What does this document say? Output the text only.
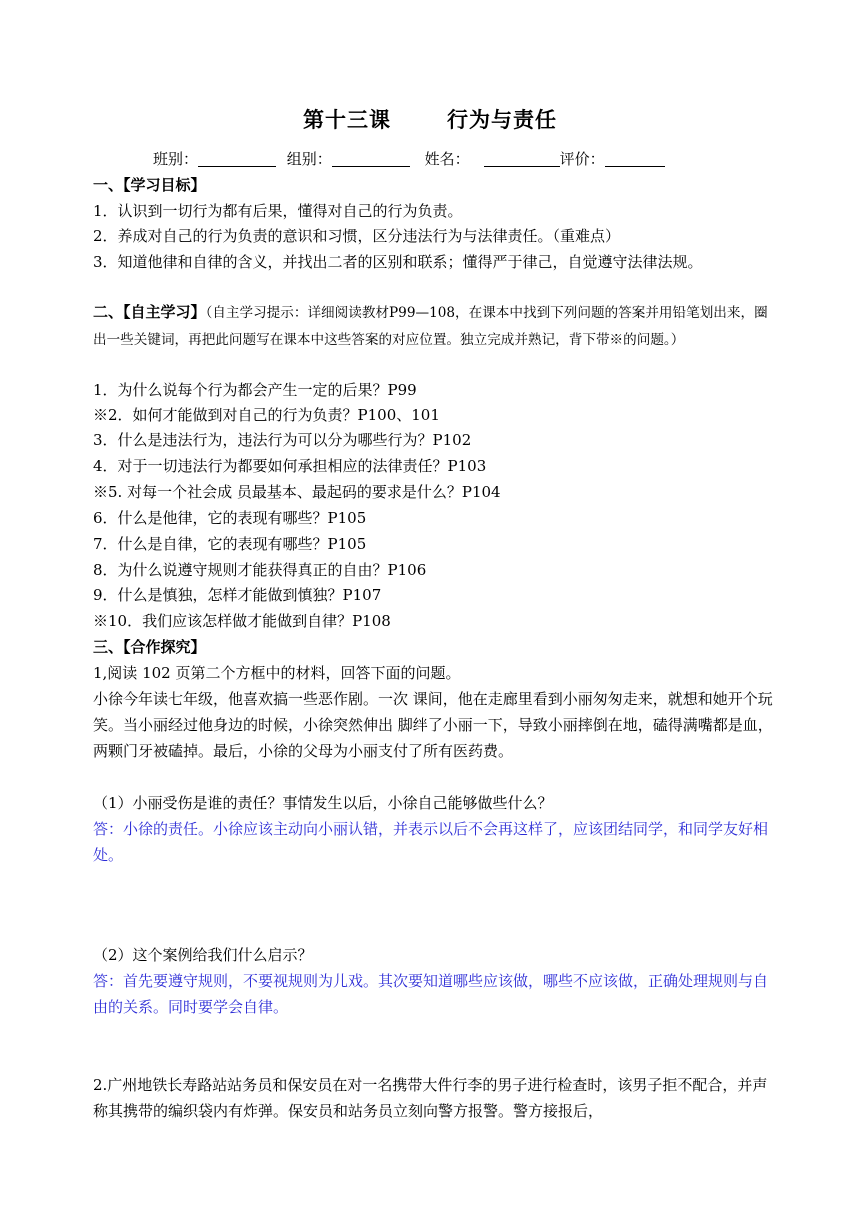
第十三课	行为与责任
班别：	组别：	姓名：	评价：
一、【学习目标】
1．认识到一切行为都有后果，懂得对自己的行为负责。
2．养成对自己的行为负责的意识和习惯，区分违法行为与法律责任。（重难点）
3．知道他律和自律的含义，并找出二者的区别和联系；懂得严于律己，自觉遵守法律法规。
二、【自主学习】（自主学习提示：详细阅读教材P99—108，在课本中找到下列问题的答案并用铅笔划出来，圈出一些关键词，再把此问题写在课本中这些答案的对应位置。独立完成并熟记，背下带※的问题。）
1．为什么说每个行为都会产生一定的后果？P99
※2．如何才能做到对自己的行为负责？P100、101
3．什么是违法行为，违法行为可以分为哪些行为？P102
4．对于一切违法行为都要如何承担相应的法律责任？P103
※5. 对每一个社会成 员最基本、最起码的要求是什么？P104
6．什么是他律，它的表现有哪些？P105
7．什么是自律，它的表现有哪些？P105
8．为什么说遵守规则才能获得真正的自由？P106
9．什么是慎独，怎样才能做到慎独？P107
※10．我们应该怎样做才能做到自律？P108
三、【合作探究】
1,阅读 102 页第二个方框中的材料，回答下面的问题。
小徐今年读七年级，他喜欢搞一些恶作剧。一次 课间，他在走廊里看到小丽匆匆走来，就想和她开个玩笑。当小丽经过他身边的时候，小徐突然伸出 脚绊了小丽一下，导致小丽摔倒在地，磕得满嘴都是血，两颗门牙被磕掉。最后，小徐的父母为小丽支付了所有医药费。
（1）小丽受伤是谁的责任？事情发生以后，小徐自己能够做些什么？
答：小徐的责任。小徐应该主动向小丽认错，并表示以后不会再这样了，应该团结同学，和同学友好相处。
（2）这个案例给我们什么启示？
答：首先要遵守规则，不要视规则为儿戏。其次要知道哪些应该做，哪些不应该做，正确处理规则与自由的关系。同时要学会自律。
2.广州地铁长寿路站站务员和保安员在对一名携带大件行李的男子进行检查时，该男子拒不配合，并声称其携带的编织袋内有炸弹。保安员和站务员立刻向警方报警。警方接报后，
